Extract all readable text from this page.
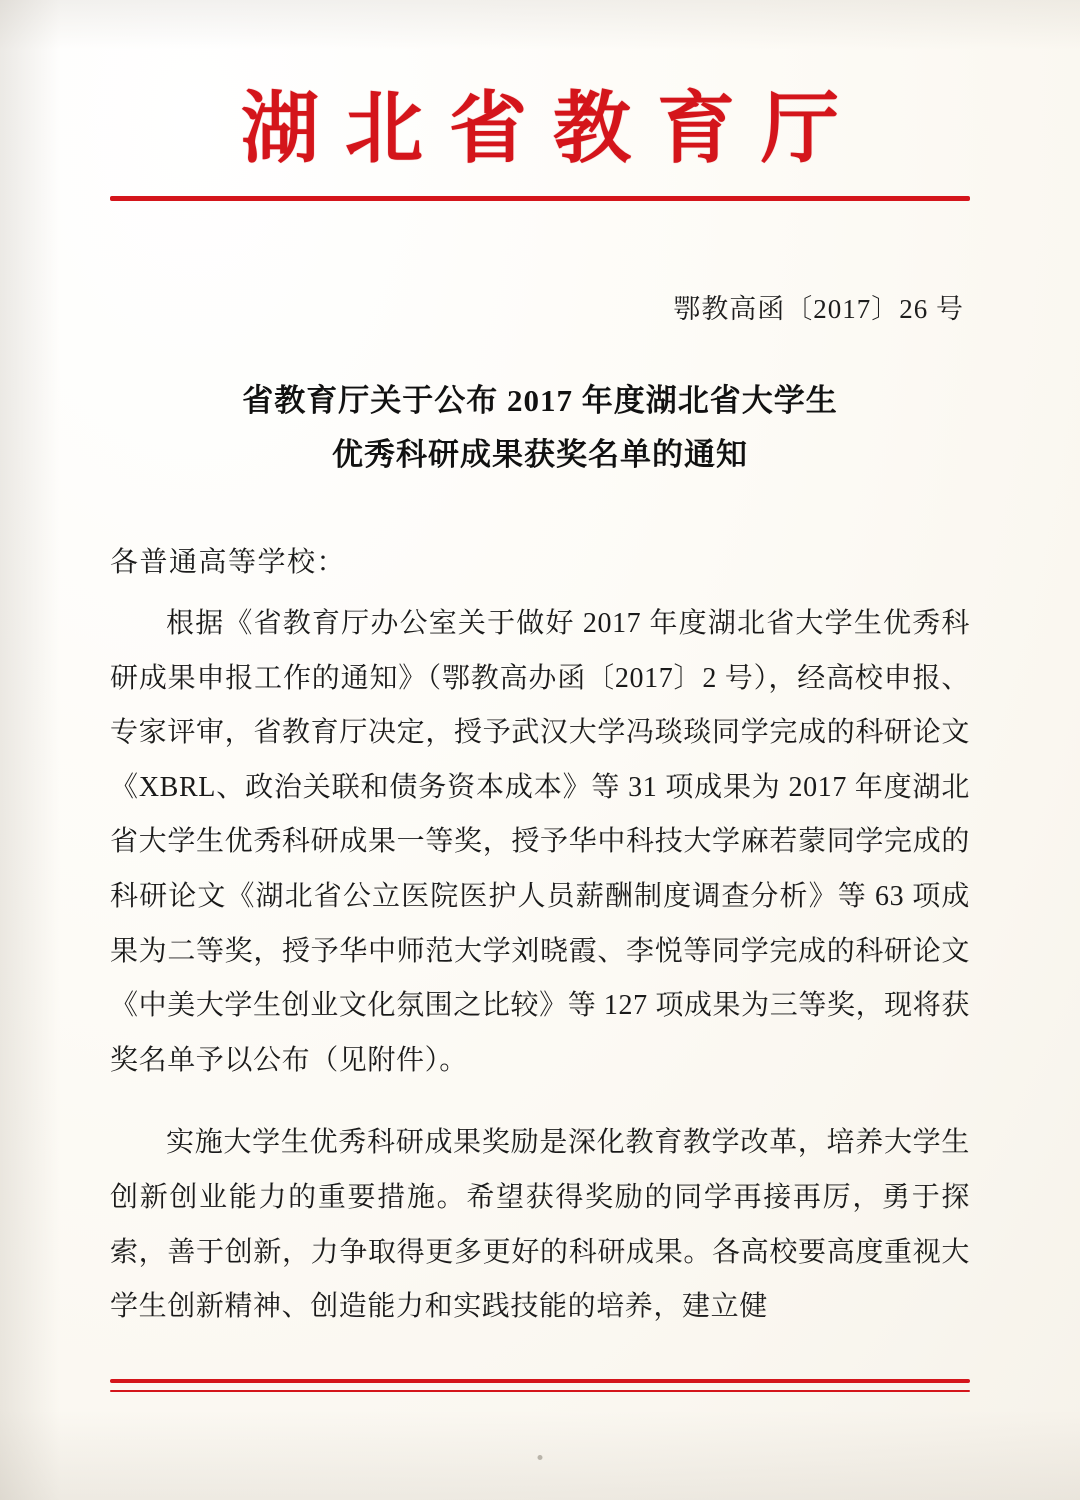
湖北省教育厅
鄂教高函〔2017〕26 号
省教育厅关于公布 2017 年度湖北省大学生
优秀科研成果获奖名单的通知
各普通高等学校：

根据《省教育厅办公室关于做好 2017 年度湖北省大学生优秀科研成果申报工作的通知》（鄂教高办函〔2017〕2 号），经高校申报、专家评审，省教育厅决定，授予武汉大学冯琰琰同学完成的科研论文《XBRL、政治关联和债务资本成本》等 31 项成果为 2017 年度湖北省大学生优秀科研成果一等奖，授予华中科技大学麻若蒙同学完成的科研论文《湖北省公立医院医护人员薪酬制度调查分析》等 63 项成果为二等奖，授予华中师范大学刘晓霞、李悦等同学完成的科研论文《中美大学生创业文化氛围之比较》等 127 项成果为三等奖，现将获奖名单予以公布（见附件）。

实施大学生优秀科研成果奖励是深化教育教学改革，培养大学生创新创业能力的重要措施。希望获得奖励的同学再接再厉，勇于探索，善于创新，力争取得更多更好的科研成果。各高校要高度重视大学生创新精神、创造能力和实践技能的培养，建立健
